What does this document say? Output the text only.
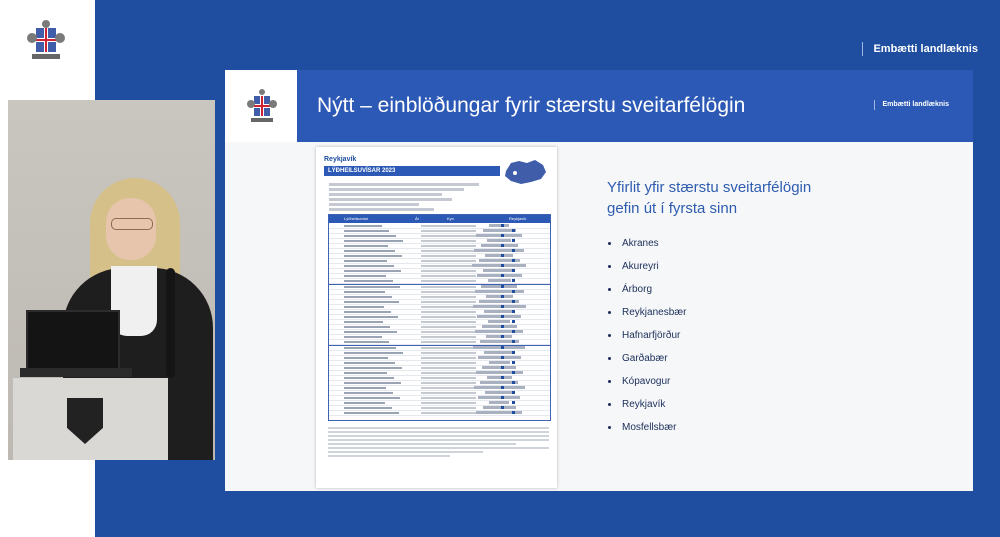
Embætti landlæknis
Nýtt – einblöðungar fyrir stærstu sveitarfélögin	Embætti landlæknis
Reykjavík
LÝÐHEILSUVÍSAR 2023
Lýðheilsuvísir	Ár	Kyn	Reykjavík
Yfirlit yfir stærstu sveitarfélögin
gefin út í fyrsta sinn
Akranes
Akureyri
Árborg
Reykjanesbær
Hafnarfjörður
Garðabær
Kópavogur
Reykjavík
Mosfellsbær
